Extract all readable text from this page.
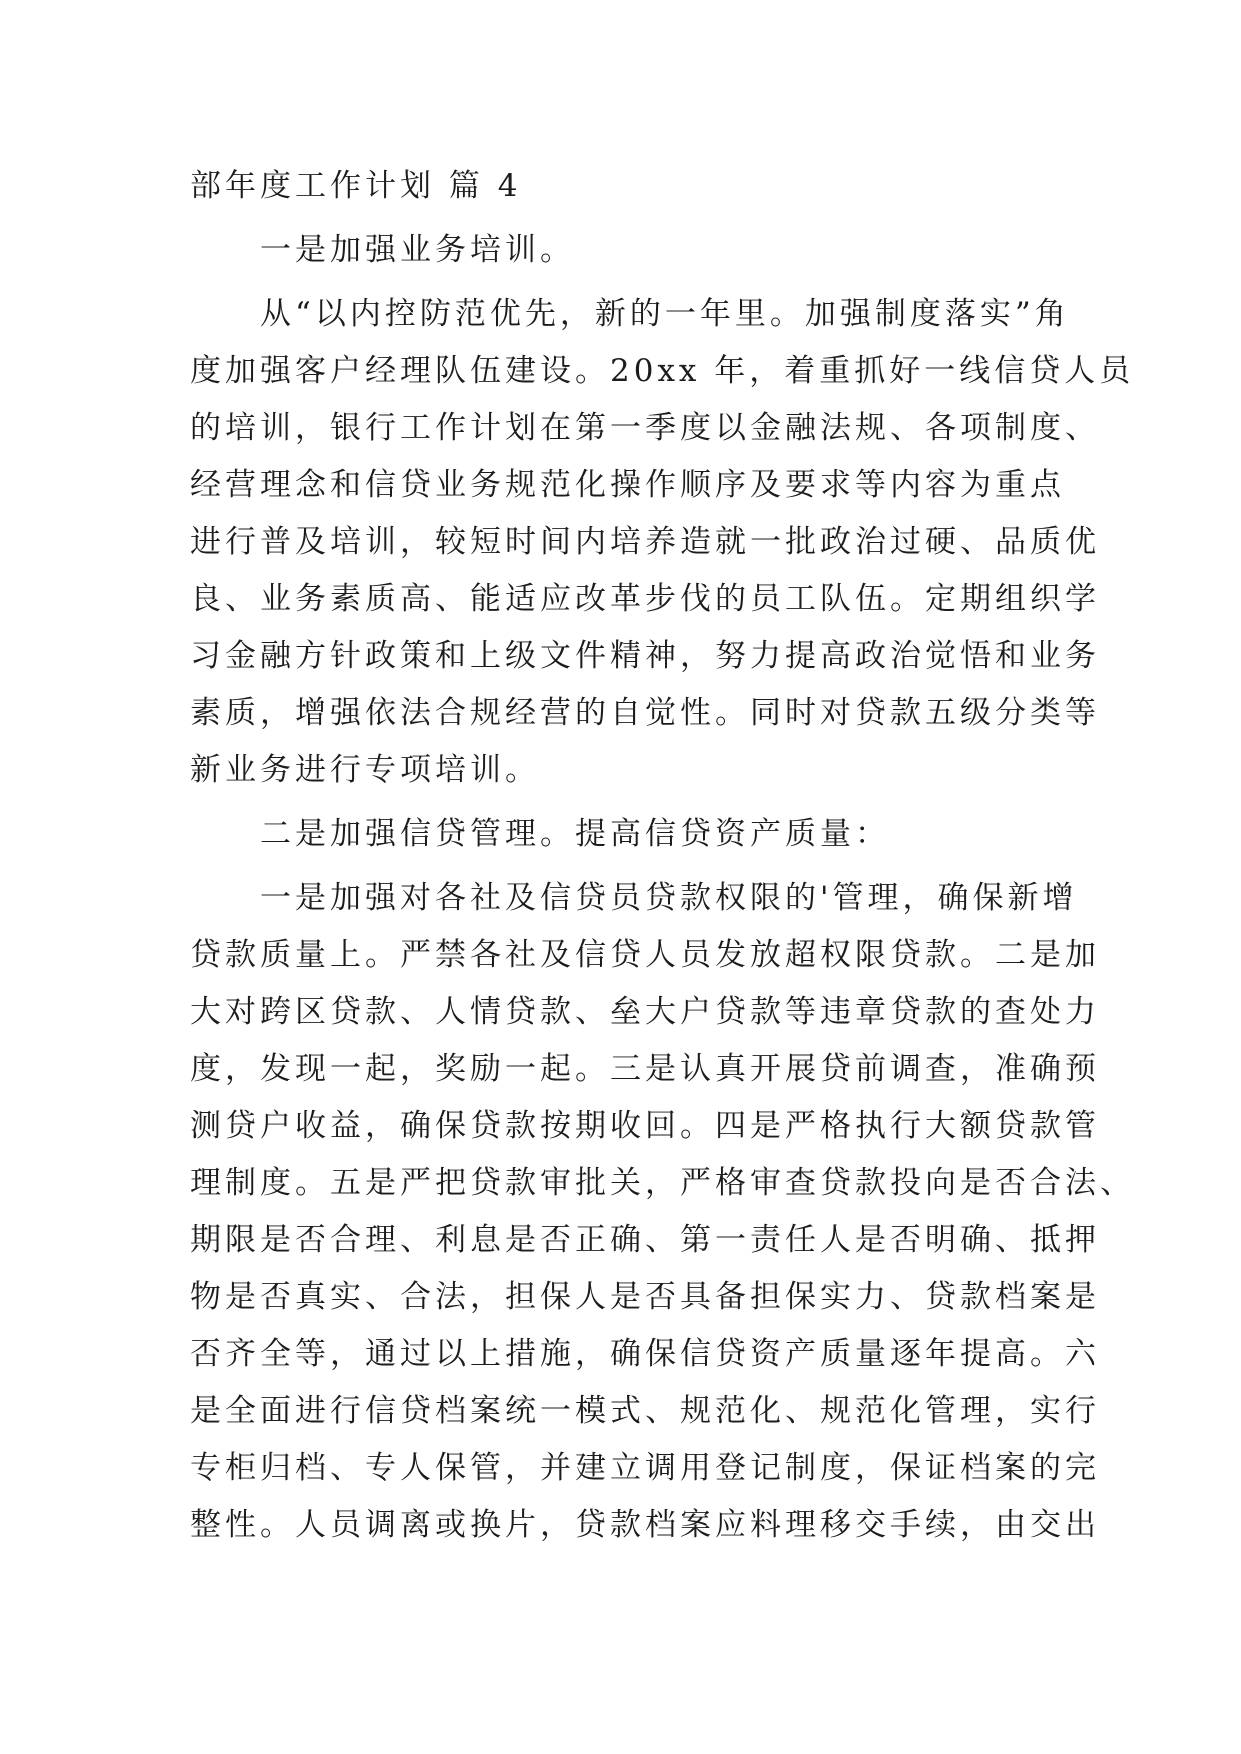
部年度工作计划 篇 4
一是加强业务培训。
从“以内控防范优先，新的一年里。加强制度落实”角
度加强客户经理队伍建设。20xx 年，着重抓好一线信贷人员
的培训，银行工作计划在第一季度以金融法规、各项制度、
经营理念和信贷业务规范化操作顺序及要求等内容为重点
进行普及培训，较短时间内培养造就一批政治过硬、品质优
良、业务素质高、能适应改革步伐的员工队伍。定期组织学
习金融方针政策和上级文件精神，努力提高政治觉悟和业务
素质，增强依法合规经营的自觉性。同时对贷款五级分类等
新业务进行专项培训。
二是加强信贷管理。提高信贷资产质量：
一是加强对各社及信贷员贷款权限的'管理，确保新增
贷款质量上。严禁各社及信贷人员发放超权限贷款。二是加
大对跨区贷款、人情贷款、垒大户贷款等违章贷款的查处力
度，发现一起，奖励一起。三是认真开展贷前调查，准确预
测贷户收益，确保贷款按期收回。四是严格执行大额贷款管
理制度。五是严把贷款审批关，严格审查贷款投向是否合法、
期限是否合理、利息是否正确、第一责任人是否明确、抵押
物是否真实、合法，担保人是否具备担保实力、贷款档案是
否齐全等，通过以上措施，确保信贷资产质量逐年提高。六
是全面进行信贷档案统一模式、规范化、规范化管理，实行
专柜归档、专人保管，并建立调用登记制度，保证档案的完
整性。人员调离或换片，贷款档案应料理移交手续，由交出
